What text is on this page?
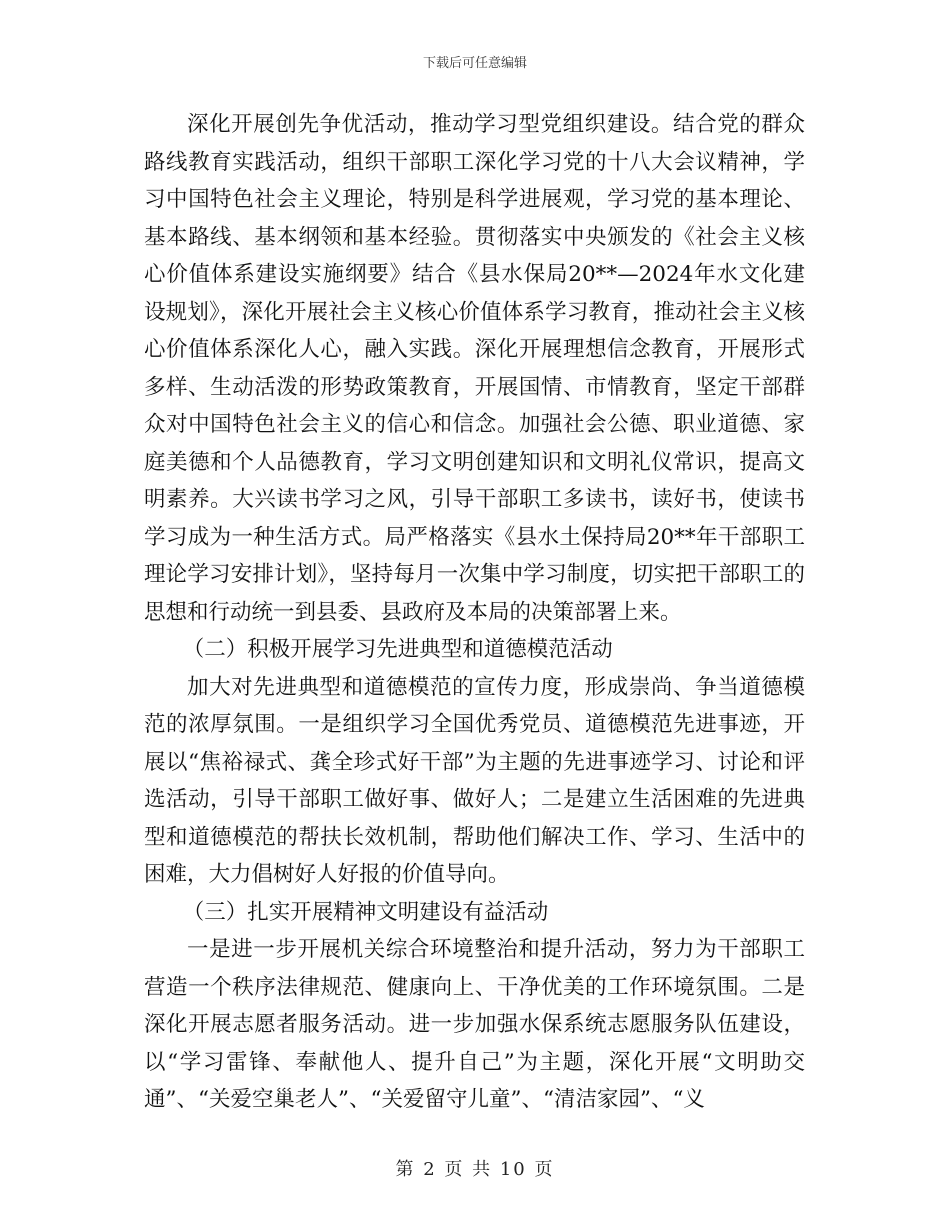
下载后可任意编辑

深化开展创先争优活动，推动学习型党组织建设。结合党的群众路线教育实践活动，组织干部职工深化学习党的十八大会议精神，学习中国特色社会主义理论，特别是科学进展观，学习党的基本理论、基本路线、基本纲领和基本经验。贯彻落实中央颁发的《社会主义核心价值体系建设实施纲要》结合《县水保局20**—2024年水文化建设规划》，深化开展社会主义核心价值体系学习教育，推动社会主义核心价值体系深化人心，融入实践。深化开展理想信念教育，开展形式多样、生动活泼的形势政策教育，开展国情、市情教育，坚定干部群众对中国特色社会主义的信心和信念。加强社会公德、职业道德、家庭美德和个人品德教育，学习文明创建知识和文明礼仪常识，提高文明素养。大兴读书学习之风，引导干部职工多读书，读好书，使读书学习成为一种生活方式。局严格落实《县水土保持局20**年干部职工理论学习安排计划》，坚持每月一次集中学习制度，切实把干部职工的思想和行动统一到县委、县政府及本局的决策部署上来。

（二）积极开展学习先进典型和道德模范活动

加大对先进典型和道德模范的宣传力度，形成崇尚、争当道德模范的浓厚氛围。一是组织学习全国优秀党员、道德模范先进事迹，开展以“焦裕禄式、龚全珍式好干部”为主题的先进事迹学习、讨论和评选活动，引导干部职工做好事、做好人；二是建立生活困难的先进典型和道德模范的帮扶长效机制，帮助他们解决工作、学习、生活中的困难，大力倡树好人好报的价值导向。

（三）扎实开展精神文明建设有益活动

一是进一步开展机关综合环境整治和提升活动，努力为干部职工营造一个秩序法律规范、健康向上、干净优美的工作环境氛围。二是深化开展志愿者服务活动。进一步加强水保系统志愿服务队伍建设，以“学习雷锋、奉献他人、提升自己”为主题，深化开展“文明助交通”、“关爱空巢老人”、“关爱留守儿童”、“清洁家园”、“义

第 2 页 共 10 页
